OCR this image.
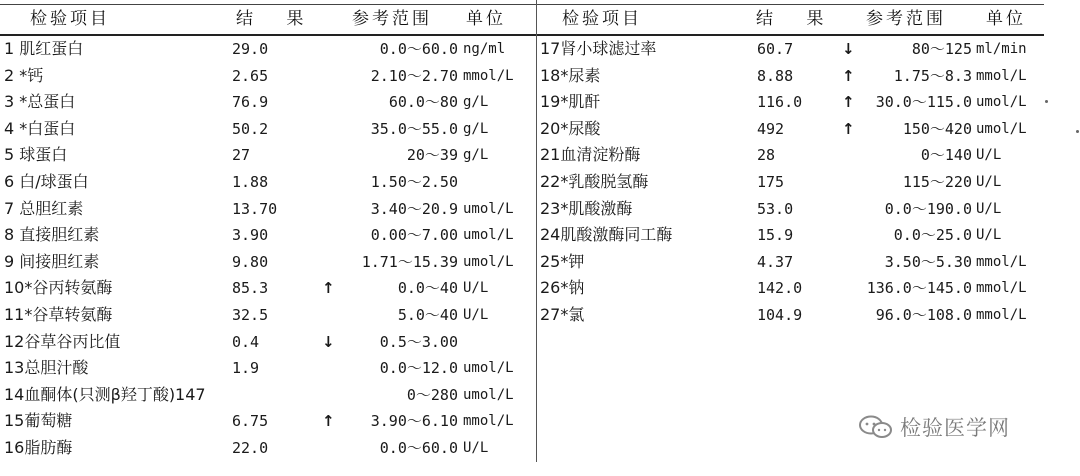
检验项目	结 果 参考范围 单位	检验项目	结 果 参考范围 单位
1 肌红蛋白	29.0	0.0～60.0 ng/ml
2 *钙	2.65	2.10～2.70 mmol/L
3 *总蛋白	76.9	60.0～80 g/L
4 *白蛋白	50.2	35.0～55.0 g/L
5 球蛋白	27	20～39 g/L
6 白/球蛋白	1.88	1.50～2.50
7 总胆红素	13.70	3.40～20.9 umol/L
8 直接胆红素	3.90	0.00～7.00 umol/L
9 间接胆红素	9.80	1.71～15.39 umol/L
10*谷丙转氨酶	85.3	↑	0.0～40 U/L
11*谷草转氨酶	32.5	5.0～40 U/L
12谷草谷丙比值	0.4	↓	0.5～3.00
13总胆汁酸	1.9	0.0～12.0 umol/L
14血酮体(只测β羟丁酸)147	0～280 umol/L
15葡萄糖	6.75	↑	3.90～6.10 mmol/L
16脂肪酶	22.0	0.0～60.0 U/L
17肾小球滤过率	60.7	↓	80～125 ml/min
18*尿素	8.88	↑	1.75～8.3 mmol/L
19*肌酐	116.0	↑	30.0～115.0 umol/L
20*尿酸	492	↑	150～420 umol/L
21血清淀粉酶	28	0～140 U/L
22*乳酸脱氢酶	175	115～220 U/L
23*肌酸激酶	53.0	0.0～190.0 U/L
24肌酸激酶同工酶	15.9	0.0～25.0 U/L
25*钾	4.37	3.50～5.30 mmol/L
26*钠	142.0	136.0～145.0 mmol/L
27*氯	104.9	96.0～108.0 mmol/L
检验医学网
